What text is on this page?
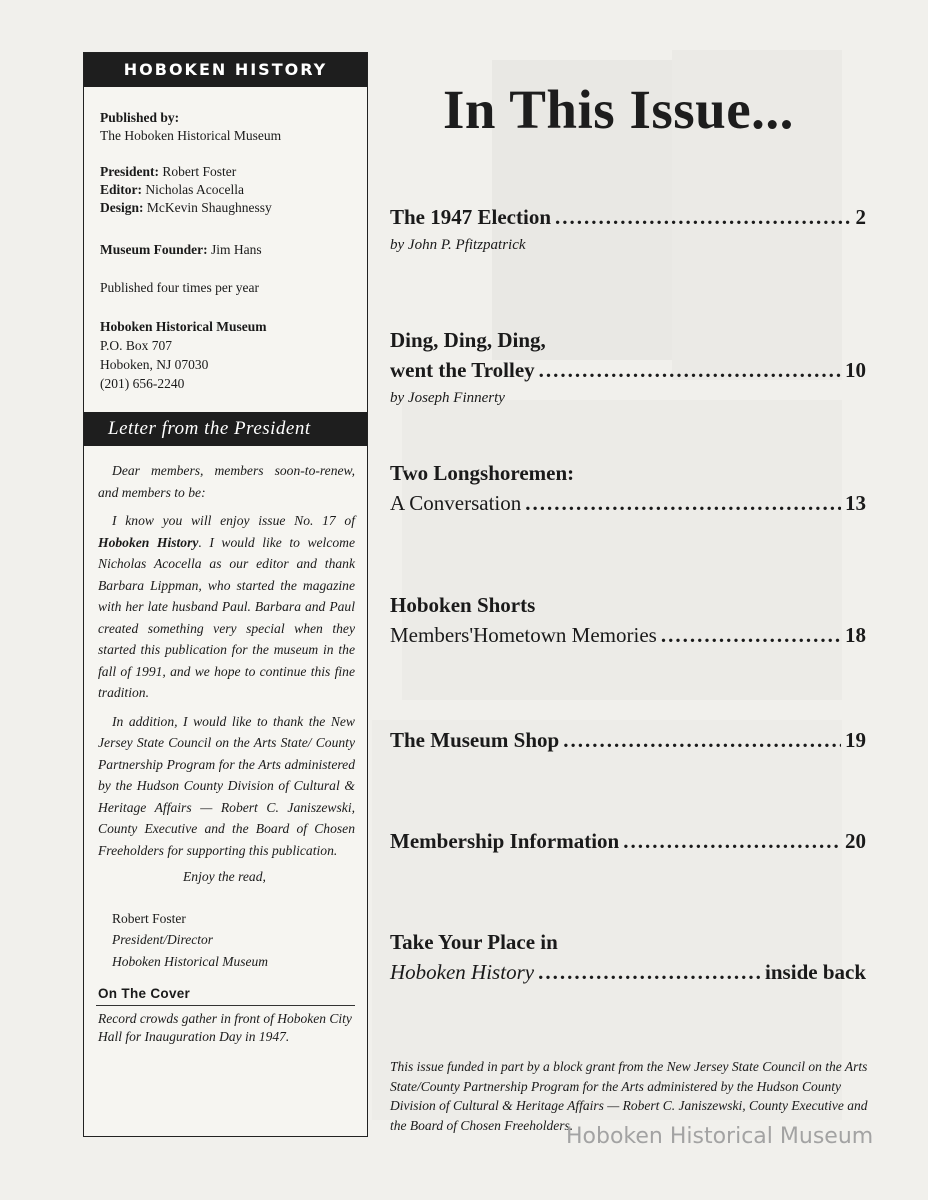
HOBOKEN HISTORY
Published by:
The Hoboken Historical Museum
President: Robert Foster
Editor: Nicholas Acocella
Design: McKevin Shaughnessy
Museum Founder: Jim Hans
Published four times per year
Hoboken Historical Museum
P.O. Box 707
Hoboken, NJ 07030
(201) 656-2240
Letter from the President

Dear members, members soon-to-renew, and members to be:

I know you will enjoy issue No. 17 of Hoboken History. I would like to welcome Nicholas Acocella as our editor and thank Barbara Lippman, who started the magazine with her late husband Paul. Barbara and Paul created something very special when they started this publication for the museum in the fall of 1991, and we hope to continue this fine tradition.

In addition, I would like to thank the New Jersey State Council on the Arts State/ County Partnership Program for the Arts administered by the Hudson County Division of Cultural & Heritage Affairs — Robert C. Janiszewski, County Executive and the Board of Chosen Freeholders for supporting this publication.

Enjoy the read,

Robert Foster
President/Director
Hoboken Historical Museum
On The Cover
Record crowds gather in front of Hoboken City Hall for Inauguration Day in 1947.
In This Issue...
The 1947 Election .....	2
by John P. Pfitzpatrick
Ding, Ding, Ding,
went the Trolley .....	10
by Joseph Finnerty
Two Longshoremen:
A Conversation .....	13
Hoboken Shorts
Members'Hometown Memories .....	18
The Museum Shop .....	19
Membership Information .....	20
Take Your Place in
Hoboken History .....	inside back
This issue funded in part by a block grant from the New Jersey State Council on the Arts State/County Partnership Program for the Arts administered by the Hudson County Division of Cultural & Heritage Affairs — Robert C. Janiszewski, County Executive and the Board of Chosen Freeholders.
Hoboken Historical Museum
